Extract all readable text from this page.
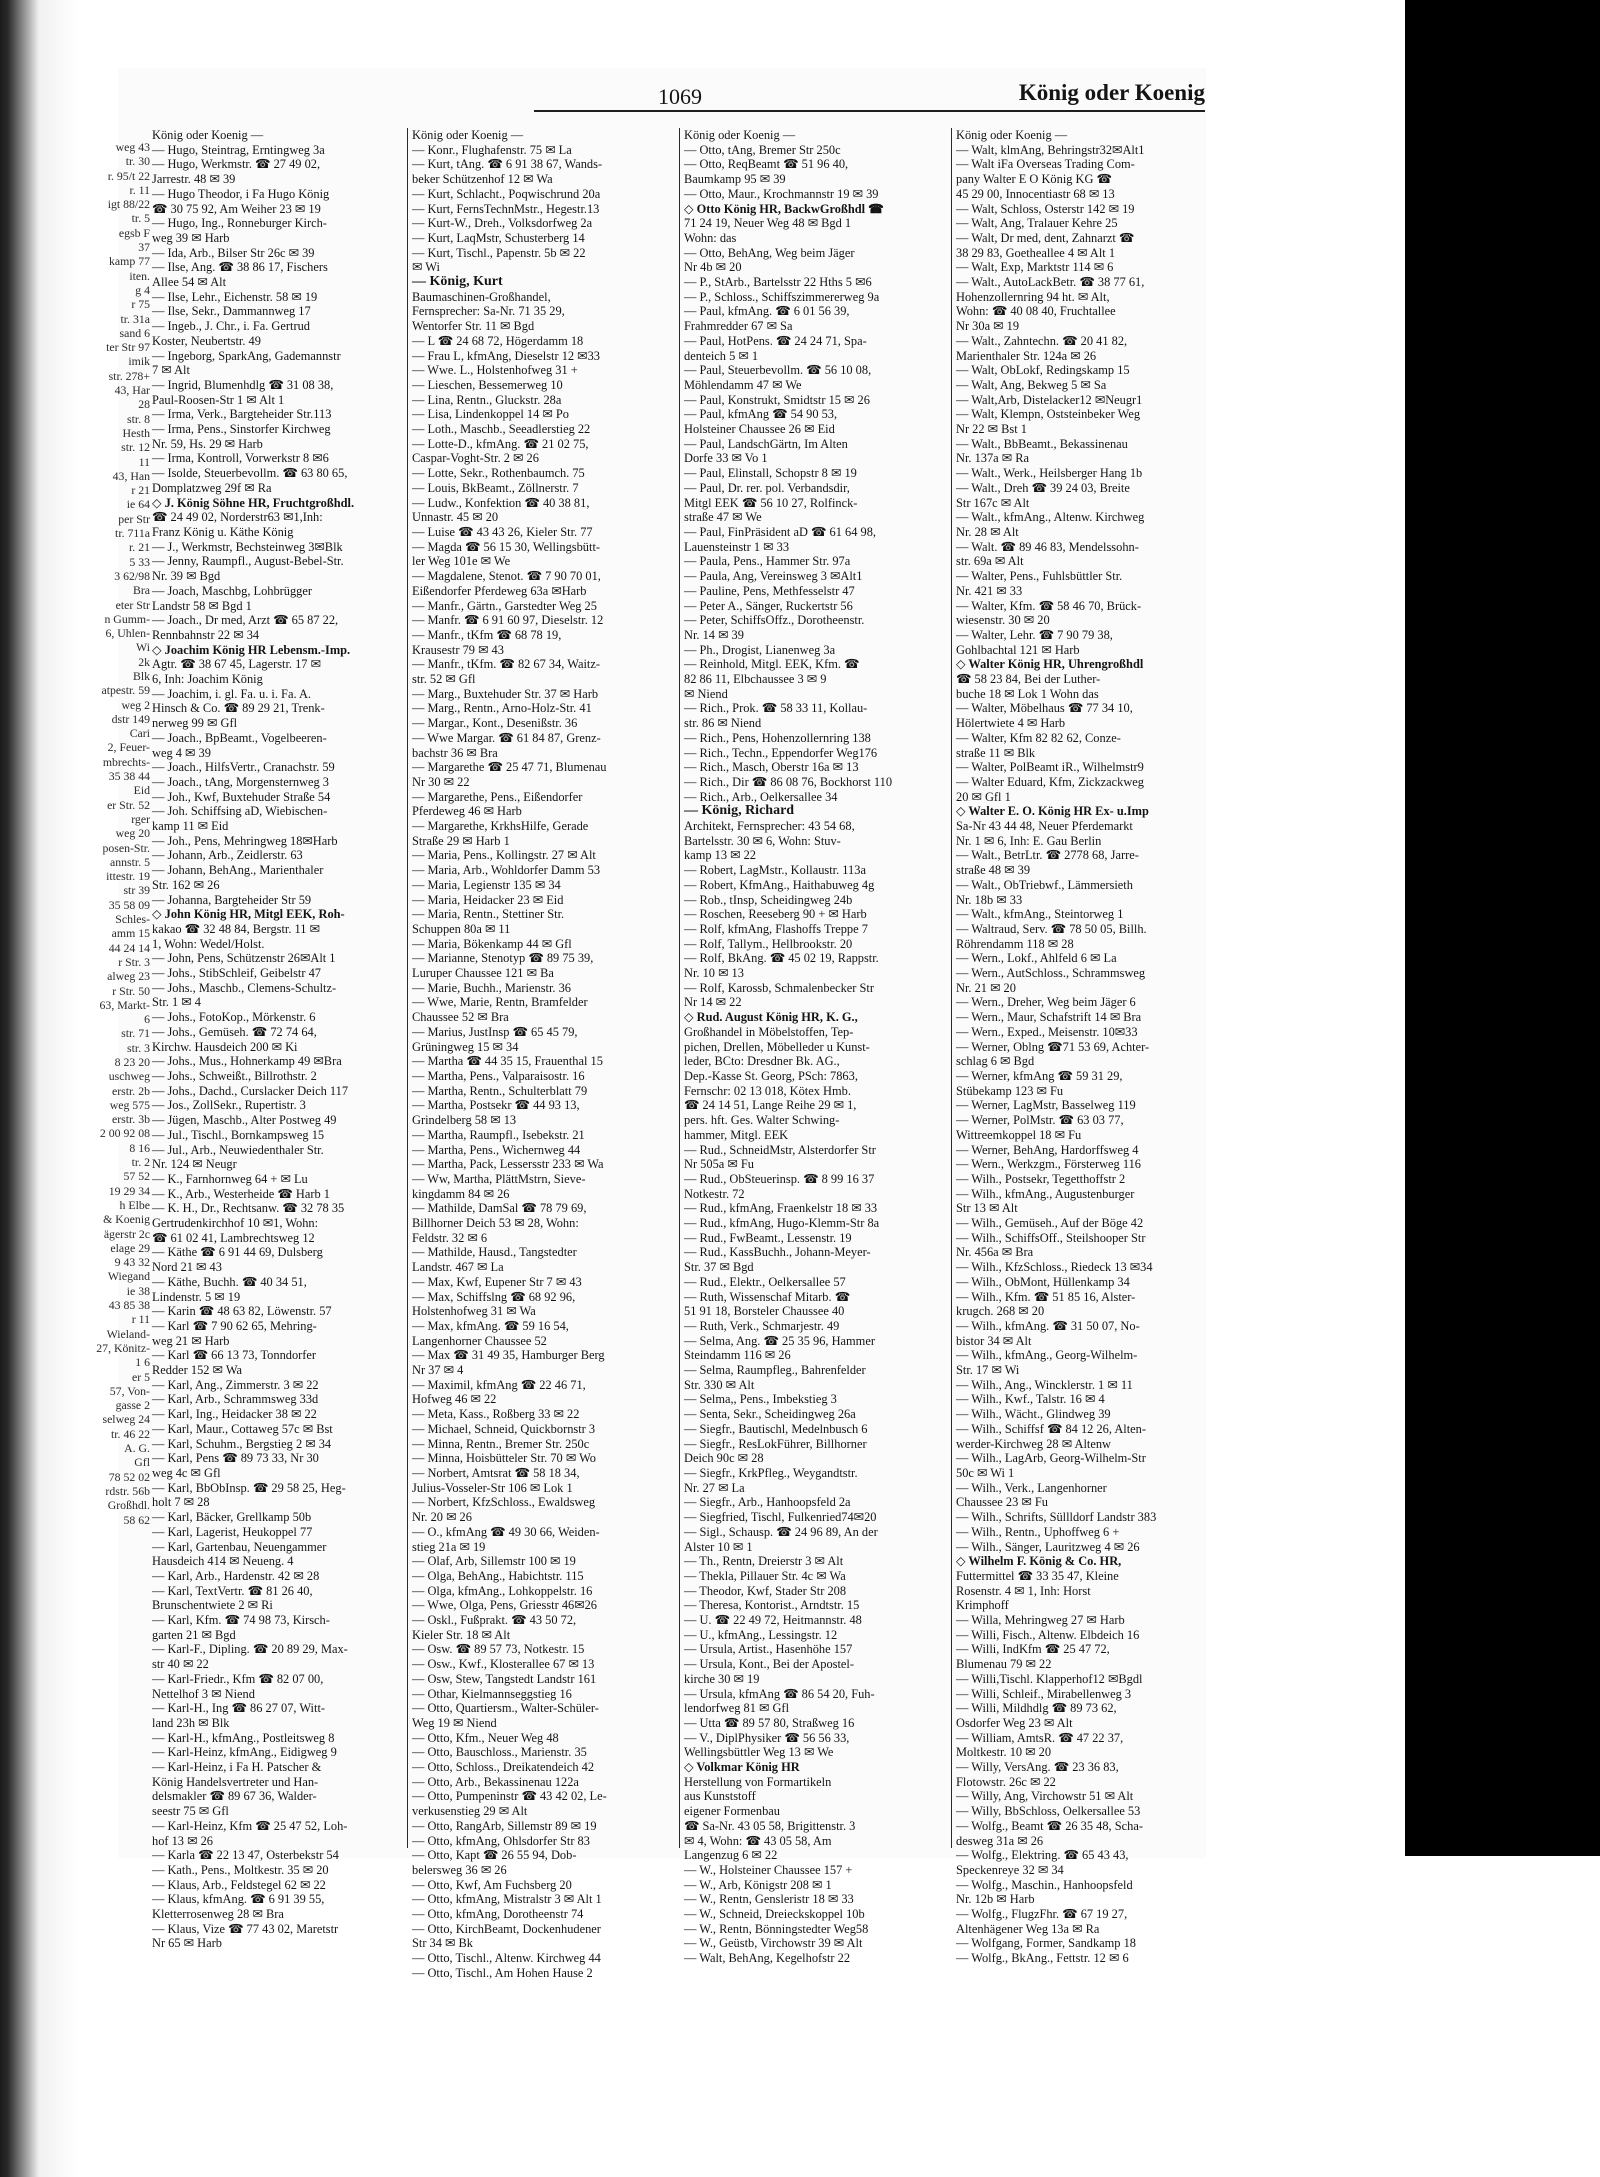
weg 43
tr. 30
r. 95/t 22
r. 11
igt 88/22
tr. 5
egsb F
37
kamp 77
iten.
g 4
r 75
tr. 31a
sand 6
ter Str 97
imik
str. 278+
43, Har
28
str. 8
Hesth
str. 12
11
43, Han
r 21
ie 64
per Str
tr. 711a
r. 21
5 33
3 62/98
Bra
eter Str
n Gumm-
6, Uhlen-
Wi
2k
Blk
atpestr. 59
weg 2
dstr 149
Cari
2, Feuer-
mbrechts-
35 38 44
Eid
er Str. 52
rger
weg 20
posen-Str.
annstr. 5
ittestr. 19
str 39
35 58 09
Schles-
amm 15
44 24 14
r Str. 3
alweg 23
r Str. 50
63, Markt-
6
str. 71
str. 3
8 23 20
uschweg
erstr. 2b
weg 575
erstr. 3b
2 00 92 08
8 16
tr. 2
57 52
19 29 34
h Elbe
& Koenig
ägerstr 2c
elage 29
9 43 32
Wiegand
ie 38
43 85 38
r 11
Wieland-
27, Könitz-
1 6
er 5
57, Von-
gasse 2
selweg 24
tr. 46 22
A. G.
Gfl
78 52 02
rdstr. 56b
Großhdl.
58 62
1069	König oder Koenig
König oder Koenig —
— Hugo, Steintrag, Erntingweg 3a
— Hugo, Werkmstr. ☎ 27 49 02,
Jarrestr. 48 ✉ 39
— Hugo Theodor, i Fa Hugo König
☎ 30 75 92, Am Weiher 23 ✉ 19
— Hugo, Ing., Ronneburger Kirch-
weg 39 ✉ Harb
— Ida, Arb., Bilser Str 26c ✉ 39
— Ilse, Ang. ☎ 38 86 17, Fischers
Allee 54 ✉ Alt
— Ilse, Lehr., Eichenstr. 58 ✉ 19
— Ilse, Sekr., Dammannweg 17
— Ingeb., J. Chr., i. Fa. Gertrud
Koster, Neubertstr. 49
— Ingeborg, SparkAng, Gademannstr
7 ✉ Alt
— Ingrid, Blumenhdlg ☎ 31 08 38,
Paul-Roosen-Str 1 ✉ Alt 1
— Irma, Verk., Bargteheider Str.113
— Irma, Pens., Sinstorfer Kirchweg
Nr. 59, Hs. 29 ✉ Harb
— Irma, Kontroll, Vorwerkstr 8 ✉6
— Isolde, Steuerbevollm. ☎ 63 80 65,
Domplatzweg 29f ✉ Ra
◇ J. König Söhne HR, Fruchtgroßhdl.
☎ 24 49 02, Norderstr63 ✉1,Inh:
Franz König u. Käthe König
— J., Werkmstr, Bechsteinweg 3✉Blk
— Jenny, Raumpfl., August-Bebel-Str.
Nr. 39 ✉ Bgd
— Joach, Maschbg, Lohbrügger
Landstr 58 ✉ Bgd 1
— Joach., Dr med, Arzt ☎ 65 87 22,
Rennbahnstr 22 ✉ 34
◇ Joachim König HR Lebensm.-Imp.
Agtr. ☎ 38 67 45, Lagerstr. 17 ✉
6, Inh: Joachim König
— Joachim, i. gl. Fa. u. i. Fa. A.
Hinsch & Co. ☎ 89 29 21, Trenk-
nerweg 99 ✉ Gfl
— Joach., BpBeamt., Vogelbeeren-
weg 4 ✉ 39
— Joach., HilfsVertr., Cranachstr. 59
— Joach., tAng, Morgensternweg 3
— Joh., Kwf, Buxtehuder Straße 54
— Joh. Schiffsing aD, Wiebischen-
kamp 11 ✉ Eid
— Joh., Pens, Mehringweg 18✉Harb
— Johann, Arb., Zeidlerstr. 63
— Johann, BehAng., Marienthaler
Str. 162 ✉ 26
— Johanna, Bargteheider Str 59
◇ John König HR, Mitgl EEK, Roh-
kakao ☎ 32 48 84, Bergstr. 11 ✉
1, Wohn: Wedel/Holst.
— John, Pens, Schützenstr 26✉Alt 1
— Johs., StibSchleif, Geibelstr 47
— Johs., Maschb., Clemens-Schultz-
Str. 1 ✉ 4
— Johs., FotoKop., Mörkenstr. 6
— Johs., Gemüseh. ☎ 72 74 64,
Kirchw. Hausdeich 200 ✉ Ki
— Johs., Mus., Hohnerkamp 49 ✉Bra
— Johs., Schweißt., Billrothstr. 2
— Johs., Dachd., Curslacker Deich 117
— Jos., ZollSekr., Rupertistr. 3
— Jügen, Maschb., Alter Postweg 49
— Jul., Tischl., Bornkampsweg 15
— Jul., Arb., Neuwiedenthaler Str.
Nr. 124 ✉ Neugr
— K., Farnhornweg 64 + ✉ Lu
— K., Arb., Westerheide ☎ Harb 1
— K. H., Dr., Rechtsanw. ☎ 32 78 35
Gertrudenkirchhof 10 ✉1, Wohn:
☎ 61 02 41, Lambrechtsweg 12
— Käthe ☎ 6 91 44 69, Dulsberg
Nord 21 ✉ 43
— Käthe, Buchh. ☎ 40 34 51,
Lindenstr. 5 ✉ 19
— Karin ☎ 48 63 82, Löwenstr. 57
— Karl ☎ 7 90 62 65, Mehring-
weg 21 ✉ Harb
— Karl ☎ 66 13 73, Tonndorfer
Redder 152 ✉ Wa
— Karl, Ang., Zimmerstr. 3 ✉ 22
— Karl, Arb., Schrammsweg 33d
— Karl, Ing., Heidacker 38 ✉ 22
— Karl, Maur., Cottaweg 57c ✉ Bst
— Karl, Schuhm., Bergstieg 2 ✉ 34
— Karl, Pens ☎ 89 73 33, Nr 30
weg 4c ✉ Gfl
— Karl, BbObInsp. ☎ 29 58 25, Heg-
holt 7 ✉ 28
— Karl, Bäcker, Grellkamp 50b
— Karl, Lagerist, Heukoppel 77
— Karl, Gartenbau, Neuengammer
Hausdeich 414 ✉ Neueng. 4
— Karl, Arb., Hardenstr. 42 ✉ 28
— Karl, TextVertr. ☎ 81 26 40,
Brunschentwiete 2 ✉ Ri
— Karl, Kfm. ☎ 74 98 73, Kirsch-
garten 21 ✉ Bgd
— Karl-F., Dipling. ☎ 20 89 29, Max-
str 40 ✉ 22
— Karl-Friedr., Kfm ☎ 82 07 00,
Nettelhof 3 ✉ Niend
— Karl-H., Ing ☎ 86 27 07, Witt-
land 23h ✉ Blk
— Karl-H., kfmAng., Postleitsweg 8
— Karl-Heinz, kfmAng., Eidigweg 9
— Karl-Heinz, i Fa H. Patscher &
König Handelsvertreter und Han-
delsmakler ☎ 89 67 36, Walder-
seestr 75 ✉ Gfl
— Karl-Heinz, Kfm ☎ 25 47 52, Loh-
hof 13 ✉ 26
— Karla ☎ 22 13 47, Osterbekstr 54
— Kath., Pens., Moltkestr. 35 ✉ 20
— Klaus, Arb., Feldstegel 62 ✉ 22
— Klaus, kfmAng. ☎ 6 91 39 55,
Kletterrosenweg 28 ✉ Bra
— Klaus, Vize ☎ 77 43 02, Maretstr
Nr 65 ✉ Harb
König oder Koenig —
— Konr., Flughafenstr. 75 ✉ La
— Kurt, tAng. ☎ 6 91 38 67, Wands-
beker Schützenhof 12 ✉ Wa
— Kurt, Schlacht., Poqwischrund 20a
— Kurt, FernsTechnMstr., Hegestr.13
— Kurt-W., Dreh., Volksdorfweg 2a
— Kurt, LaqMstr, Schusterberg 14
— Kurt, Tischl., Papenstr. 5b ✉ 22
✉ Wi
— König, Kurt
Baumaschinen-Großhandel,
Fernsprecher: Sa-Nr. 71 35 29,
Wentorfer Str. 11 ✉ Bgd
— L ☎ 24 68 72, Högerdamm 18
— Frau L, kfmAng, Dieselstr 12 ✉33
— Wwe. L., Holstenhofweg 31 +
— Lieschen, Bessemerweg 10
— Lina, Rentn., Gluckstr. 28a
— Lisa, Lindenkoppel 14 ✉ Po
— Loth., Maschb., Seeadlerstieg 22
— Lotte-D., kfmAng. ☎ 21 02 75,
Caspar-Voght-Str. 2 ✉ 26
— Lotte, Sekr., Rothenbaumch. 75
— Louis, BkBeamt., Zöllnerstr. 7
— Ludw., Konfektion ☎ 40 38 81,
Unnastr. 45 ✉ 20
— Luise ☎ 43 43 26, Kieler Str. 77
— Magda ☎ 56 15 30, Wellingsbütt-
ler Weg 101e ✉ We
— Magdalene, Stenot. ☎ 7 90 70 01,
Eißendorfer Pferdeweg 63a ✉Harb
— Manfr., Gärtn., Garstedter Weg 25
— Manfr. ☎ 6 91 60 97, Dieselstr. 12
— Manfr., tKfm ☎ 68 78 19,
Krausestr 79 ✉ 43
— Manfr., tKfm. ☎ 82 67 34, Waitz-
str. 52 ✉ Gfl
— Marg., Buxtehuder Str. 37 ✉ Harb
— Marg., Rentn., Arno-Holz-Str. 41
— Margar., Kont., Desenißstr. 36
— Wwe Margar. ☎ 61 84 87, Grenz-
bachstr 36 ✉ Bra
— Margarethe ☎ 25 47 71, Blumenau
Nr 30 ✉ 22
— Margarethe, Pens., Eißendorfer
Pferdeweg 46 ✉ Harb
— Margarethe, KrkhsHilfe, Gerade
Straße 29 ✉ Harb 1
— Maria, Pens., Kollingstr. 27 ✉ Alt
— Maria, Arb., Wohldorfer Damm 53
— Maria, Legienstr 135 ✉ 34
— Maria, Heidacker 23 ✉ Eid
— Maria, Rentn., Stettiner Str.
Schuppen 80a ✉ 11
— Maria, Bökenkamp 44 ✉ Gfl
— Marianne, Stenotyp ☎ 89 75 39,
Luruper Chaussee 121 ✉ Ba
— Marie, Buchh., Marienstr. 36
— Wwe, Marie, Rentn, Bramfelder
Chaussee 52 ✉ Bra
— Marius, JustInsp ☎ 65 45 79,
Grüningweg 15 ✉ 34
— Martha ☎ 44 35 15, Frauenthal 15
— Martha, Pens., Valparaisostr. 16
— Martha, Rentn., Schulterblatt 79
— Martha, Postsekr ☎ 44 93 13,
Grindelberg 58 ✉ 13
— Martha, Raumpfl., Isebekstr. 21
— Martha, Pens., Wichernweg 44
— Martha, Pack, Lessersstr 233 ✉ Wa
— Ww, Martha, PlättMstrn, Sieve-
kingdamm 84 ✉ 26
— Mathilde, DamSal ☎ 78 79 69,
Billhorner Deich 53 ✉ 28, Wohn:
Feldstr. 32 ✉ 6
— Mathilde, Hausd., Tangstedter
Landstr. 467 ✉ La
— Max, Kwf, Eupener Str 7 ✉ 43
— Max, Schiffslng ☎ 68 92 96,
Holstenhofweg 31 ✉ Wa
— Max, kfmAng. ☎ 59 16 54,
Langenhorner Chaussee 52
— Max ☎ 31 49 35, Hamburger Berg
Nr 37 ✉ 4
— Maximil, kfmAng ☎ 22 46 71,
Hofweg 46 ✉ 22
— Meta, Kass., Roßberg 33 ✉ 22
— Michael, Schneid, Quickbornstr 3
— Minna, Rentn., Bremer Str. 250c
— Minna, Hoisbütteler Str. 70 ✉ Wo
— Norbert, Amtsrat ☎ 58 18 34,
Julius-Vosseler-Str 106 ✉ Lok 1
— Norbert, KfzSchloss., Ewaldsweg
Nr. 20 ✉ 26
— O., kfmAng ☎ 49 30 66, Weiden-
stieg 21a ✉ 19
— Olaf, Arb, Sillemstr 100 ✉ 19
— Olga, BehAng., Habichtstr. 115
— Olga, kfmAng., Lohkoppelstr. 16
— Wwe, Olga, Pens, Griesstr 46✉26
— Oskl., Fußprakt. ☎ 43 50 72,
Kieler Str. 18 ✉ Alt
— Osw. ☎ 89 57 73, Notkestr. 15
— Osw., Kwf., Klosterallee 67 ✉ 13
— Osw, Stew, Tangstedt Landstr 161
— Othar, Kielmannseggstieg 16
— Otto, Quartiersm., Walter-Schüler-
Weg 19 ✉ Niend
— Otto, Kfm., Neuer Weg 48
— Otto, Bauschloss., Marienstr. 35
— Otto, Schloss., Dreikatendeich 42
— Otto, Arb., Bekassinenau 122a
— Otto, Pumpeninstr ☎ 43 42 02, Le-
verkusenstieg 29 ✉ Alt
— Otto, RangArb, Sillemstr 89 ✉ 19
— Otto, kfmAng, Ohlsdorfer Str 83
— Otto, Kapt ☎ 26 55 94, Dob-
belersweg 36 ✉ 26
— Otto, Kwf, Am Fuchsberg 20
— Otto, kfmAng, Mistralstr 3 ✉ Alt 1
— Otto, kfmAng, Dorotheenstr 74
— Otto, KirchBeamt, Dockenhudener
Str 34 ✉ Bk
— Otto, Tischl., Altenw. Kirchweg 44
— Otto, Tischl., Am Hohen Hause 2
König oder Koenig —
— Otto, tAng, Bremer Str 250c
— Otto, ReqBeamt ☎ 51 96 40,
Baumkamp 95 ✉ 39
— Otto, Maur., Krochmannstr 19 ✉ 39
◇ Otto König HR, BackwGroßhdl ☎
71 24 19, Neuer Weg 48 ✉ Bgd 1
Wohn: das
— Otto, BehAng, Weg beim Jäger
Nr 4b ✉ 20
— P., StArb., Bartelsstr 22 Hths 5 ✉6
— P., Schloss., Schiffszimmererweg 9a
— Paul, kfmAng. ☎ 6 01 56 39,
Frahmredder 67 ✉ Sa
— Paul, HotPens. ☎ 24 24 71, Spa-
denteich 5 ✉ 1
— Paul, Steuerbevollm. ☎ 56 10 08,
Möhlendamm 47 ✉ We
— Paul, Konstrukt, Smidtstr 15 ✉ 26
— Paul, kfmAng ☎ 54 90 53,
Holsteiner Chaussee 26 ✉ Eid
— Paul, LandschGärtn, Im Alten
Dorfe 33 ✉ Vo 1
— Paul, Elinstall, Schopstr 8 ✉ 19
— Paul, Dr. rer. pol. Verbandsdir,
Mitgl EEK ☎ 56 10 27, Rolfinck-
straße 47 ✉ We
— Paul, FinPräsident aD ☎ 61 64 98,
Lauensteinstr 1 ✉ 33
— Paula, Pens., Hammer Str. 97a
— Paula, Ang, Vereinsweg 3 ✉Alt1
— Pauline, Pens, Methfesselstr 47
— Peter A., Sänger, Ruckertstr 56
— Peter, SchiffsOffz., Dorotheenstr.
Nr. 14 ✉ 39
— Ph., Drogist, Lianenweg 3a
— Reinhold, Mitgl. EEK, Kfm. ☎
82 86 11, Elbchaussee 3 ✉ 9
✉ Niend
— Rich., Prok. ☎ 58 33 11, Kollau-
str. 86 ✉ Niend
— Rich., Pens, Hohenzollernring 138
— Rich., Techn., Eppendorfer Weg176
— Rich., Masch, Oberstr 16a ✉ 13
— Rich., Dir ☎ 86 08 76, Bockhorst 110
— Rich., Arb., Oelkersallee 34
— König, Richard
Architekt, Fernsprecher: 43 54 68,
Bartelsstr. 30 ✉ 6, Wohn: Stuv-
kamp 13 ✉ 22
— Robert, LagMstr., Kollaustr. 113a
— Robert, KfmAng., Haithabuweg 4g
— Rob., tInsp, Scheidingweg 24b
— Roschen, Reeseberg 90 + ✉ Harb
— Rolf, kfmAng, Flashoffs Treppe 7
— Rolf, Tallym., Hellbrookstr. 20
— Rolf, BkAng. ☎ 45 02 19, Rappstr.
Nr. 10 ✉ 13
— Rolf, Karossb, Schmalenbecker Str
Nr 14 ✉ 22
◇ Rud. August König HR, K. G.,
Großhandel in Möbelstoffen, Tep-
pichen, Drellen, Möbelleder u Kunst-
leder, BCto: Dresdner Bk. AG.,
Dep.-Kasse St. Georg, PSch: 7863,
Fernschr: 02 13 018, Kötex Hmb.
☎ 24 14 51, Lange Reihe 29 ✉ 1,
pers. hft. Ges. Walter Schwing-
hammer, Mitgl. EEK
— Rud., SchneidMstr, Alsterdorfer Str
Nr 505a ✉ Fu
— Rud., ObSteuerinsp. ☎ 8 99 16 37
Notkestr. 72
— Rud., kfmAng, Fraenkelstr 18 ✉ 33
— Rud., kfmAng, Hugo-Klemm-Str 8a
— Rud., FwBeamt., Lessenstr. 19
— Rud., KassBuchh., Johann-Meyer-
Str. 37 ✉ Bgd
— Rud., Elektr., Oelkersallee 57
— Ruth, Wissenschaf Mitarb. ☎
51 91 18, Borsteler Chaussee 40
— Ruth, Verk., Schmarjestr. 49
— Selma, Ang. ☎ 25 35 96, Hammer
Steindamm 116 ✉ 26
— Selma, Raumpfleg., Bahrenfelder
Str. 330 ✉ Alt
— Selma,, Pens., Imbekstieg 3
— Senta, Sekr., Scheidingweg 26a
— Siegfr., Bautischl, Medelnbusch 6
— Siegfr., ResLokFührer, Billhorner
Deich 90c ✉ 28
— Siegfr., KrkPfleg., Weygandtstr.
Nr. 27 ✉ La
— Siegfr., Arb., Hanhoopsfeld 2a
— Siegfried, Tischl, Fulkenried74✉20
— Sigl., Schausp. ☎ 24 96 89, An der
Alster 10 ✉ 1
— Th., Rentn, Dreierstr 3 ✉ Alt
— Thekla, Pillauer Str. 4c ✉ Wa
— Theodor, Kwf, Stader Str 208
— Theresa, Kontorist., Arndtstr. 15
— U. ☎ 22 49 72, Heitmannstr. 48
— U., kfmAng., Lessingstr. 12
— Ursula, Artist., Hasenhöhe 157
— Ursula, Kont., Bei der Apostel-
kirche 30 ✉ 19
— Ursula, kfmAng ☎ 86 54 20, Fuh-
lendorfweg 81 ✉ Gfl
— Utta ☎ 89 57 80, Straßweg 16
— V., DiplPhysiker ☎ 56 56 33,
Wellingsbüttler Weg 13 ✉ We
◇ Volkmar König HR
Herstellung von Formartikeln
aus Kunststoff
eigener Formenbau
☎ Sa-Nr. 43 05 58, Brigittenstr. 3
✉ 4, Wohn: ☎ 43 05 58, Am
Langenzug 6 ✉ 22
— W., Holsteiner Chaussee 157 +
— W., Arb, Königstr 208 ✉ 1
— W., Rentn, Gensleristr 18 ✉ 33
— W., Schneid, Dreieckskoppel 10b
— W., Rentn, Bönningstedter Weg58
— W., Geüstb, Virchowstr 39 ✉ Alt
— Walt, BehAng, Kegelhofstr 22
König oder Koenig —
— Walt, klmAng, Behringstr32✉Alt1
— Walt iFa Overseas Trading Com-
pany Walter E O König KG ☎
45 29 00, Innocentiastr 68 ✉ 13
— Walt, Schloss, Osterstr 142 ✉ 19
— Walt, Ang, Tralauer Kehre 25
— Walt, Dr med, dent, Zahnarzt ☎
38 29 83, Goetheallee 4 ✉ Alt 1
— Walt, Exp, Marktstr 114 ✉ 6
— Walt., AutoLackBetr. ☎ 38 77 61,
Hohenzollernring 94 ht. ✉ Alt,
Wohn: ☎ 40 08 40, Fruchtallee
Nr 30a ✉ 19
— Walt., Zahntechn. ☎ 20 41 82,
Marienthaler Str. 124a ✉ 26
— Walt, ObLokf, Redingskamp 15
— Walt, Ang, Bekweg 5 ✉ Sa
— Walt,Arb, Distelacker12 ✉Neugr1
— Walt, Klempn, Oststeinbeker Weg
Nr 22 ✉ Bst 1
— Walt., BbBeamt., Bekassinenau
Nr. 137a ✉ Ra
— Walt., Werk., Heilsberger Hang 1b
— Walt., Dreh ☎ 39 24 03, Breite
Str 167c ✉ Alt
— Walt., kfmAng., Altenw. Kirchweg
Nr. 28 ✉ Alt
— Walt. ☎ 89 46 83, Mendelssohn-
str. 69a ✉ Alt
— Walter, Pens., Fuhlsbüttler Str.
Nr. 421 ✉ 33
— Walter, Kfm. ☎ 58 46 70, Brück-
wiesenstr. 30 ✉ 20
— Walter, Lehr. ☎ 7 90 79 38,
Gohlbachtal 121 ✉ Harb
◇ Walter König HR, Uhrengroßhdl
☎ 58 23 84, Bei der Luther-
buche 18 ✉ Lok 1 Wohn das
— Walter, Möbelhaus ☎ 77 34 10,
Hölertwiete 4 ✉ Harb
— Walter, Kfm 82 82 62, Conze-
straße 11 ✉ Blk
— Walter, PolBeamt iR., Wilhelmstr9
— Walter Eduard, Kfm, Zickzackweg
20 ✉ Gfl 1
◇ Walter E. O. König HR Ex- u.Imp
Sa-Nr 43 44 48, Neuer Pferdemarkt
Nr. 1 ✉ 6, Inh: E. Gau Berlin
— Walt., BetrLtr. ☎ 2778 68, Jarre-
straße 48 ✉ 39
— Walt., ObTriebwf., Lämmersieth
Nr. 18b ✉ 33
— Walt., kfmAng., Steintorweg 1
— Waltraud, Serv. ☎ 78 50 05, Billh.
Röhrendamm 118 ✉ 28
— Wern., Lokf., Ahlfeld 6 ✉ La
— Wern., AutSchloss., Schrammsweg
Nr. 21 ✉ 20
— Wern., Dreher, Weg beim Jäger 6
— Wern., Maur, Schafstrift 14 ✉ Bra
— Wern., Exped., Meisenstr. 10✉33
— Werner, Oblng ☎71 53 69, Achter-
schlag 6 ✉ Bgd
— Werner, kfmAng ☎ 59 31 29,
Stübekamp 123 ✉ Fu
— Werner, LagMstr, Basselweg 119
— Werner, PolMstr. ☎ 63 03 77,
Wittreemkoppel 18 ✉ Fu
— Werner, BehAng, Hardorffsweg 4
— Wern., Werkzgm., Försterweg 116
— Wilh., Postsekr, Tegetthoffstr 2
— Wilh., kfmAng., Augustenburger
Str 13 ✉ Alt
— Wilh., Gemüseh., Auf der Böge 42
— Wilh., SchiffsOff., Steilshooper Str
Nr. 456a ✉ Bra
— Wilh., KfzSchloss., Riedeck 13 ✉34
— Wilh., ObMont, Hüllenkamp 34
— Wilh., Kfm. ☎ 51 85 16, Alster-
krugch. 268 ✉ 20
— Wilh., kfmAng. ☎ 31 50 07, No-
bistor 34 ✉ Alt
— Wilh., kfmAng., Georg-Wilhelm-
Str. 17 ✉ Wi
— Wilh., Ang., Wincklerstr. 1 ✉ 11
— Wilh., Kwf., Talstr. 16 ✉ 4
— Wilh., Wächt., Glindweg 39
— Wilh., Schiffsf ☎ 84 12 26, Alten-
werder-Kirchweg 28 ✉ Altenw
— Wilh., LagArb, Georg-Wilhelm-Str
50c ✉ Wi 1
— Wilh., Verk., Langenhorner
Chaussee 23 ✉ Fu
— Wilh., Schrifts, Süllldorf Landstr 383
— Wilh., Rentn., Uphoffweg 6 +
— Wilh., Sänger, Lauritzweg 4 ✉ 26
◇ Wilhelm F. König & Co. HR,
Futtermittel ☎ 33 35 47, Kleine
Rosenstr. 4 ✉ 1, Inh: Horst
Krimphoff
— Willa, Mehringweg 27 ✉ Harb
— Willi, Fisch., Altenw. Elbdeich 16
— Willi, IndKfm ☎ 25 47 72,
Blumenau 79 ✉ 22
— Willi,Tischl. Klapperhof12 ✉Bgdl
— Willi, Schleif., Mirabellenweg 3
— Willi, Mildhdlg ☎ 89 73 62,
Osdorfer Weg 23 ✉ Alt
— William, AmtsR. ☎ 47 22 37,
Moltkestr. 10 ✉ 20
— Willy, VersAng. ☎ 23 36 83,
Flotowstr. 26c ✉ 22
— Willy, Ang, Virchowstr 51 ✉ Alt
— Willy, BbSchloss, Oelkersallee 53
— Wolfg., Beamt ☎ 26 35 48, Scha-
desweg 31a ✉ 26
— Wolfg., Elektring. ☎ 65 43 43,
Speckenreye 32 ✉ 34
— Wolfg., Maschin., Hanhoopsfeld
Nr. 12b ✉ Harb
— Wolfg., FlugzFhr. ☎ 67 19 27,
Altenhägener Weg 13a ✉ Ra
— Wolfgang, Former, Sandkamp 18
— Wolfg., BkAng., Fettstr. 12 ✉ 6
